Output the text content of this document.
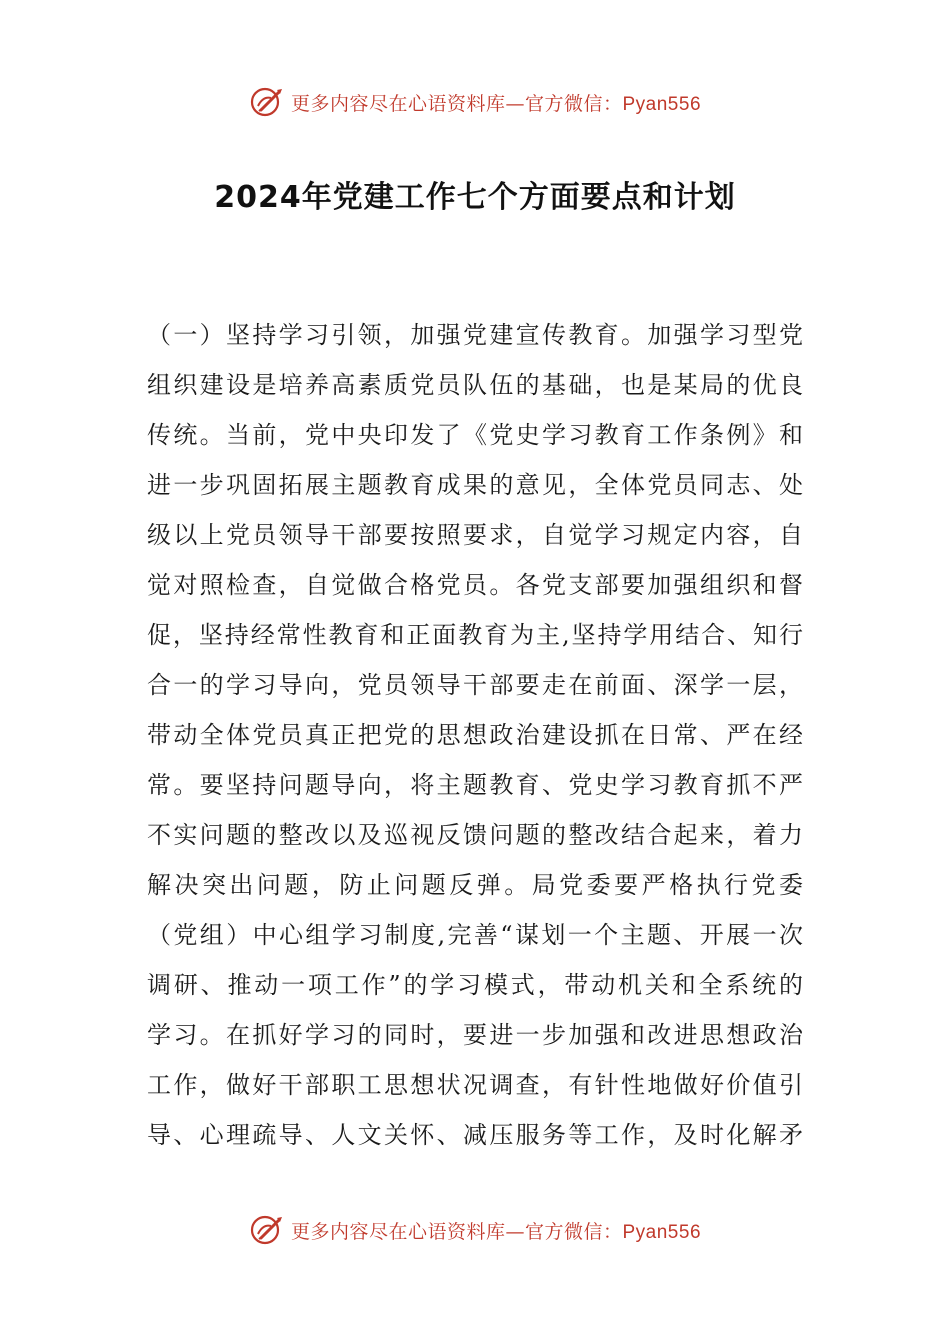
更多内容尽在心语资料库—官方微信：Pyan556
2024年党建工作七个方面要点和计划
（一）坚持学习引领，加强党建宣传教育。加强学习型党
组织建设是培养高素质党员队伍的基础，也是某局的优良
传统。当前，党中央印发了《党史学习教育工作条例》和
进一步巩固拓展主题教育成果的意见，全体党员同志、处
级以上党员领导干部要按照要求，自觉学习规定内容，自
觉对照检查，自觉做合格党员。各党支部要加强组织和督
促，坚持经常性教育和正面教育为主,坚持学用结合、知行
合一的学习导向，党员领导干部要走在前面、深学一层，
带动全体党员真正把党的思想政治建设抓在日常、严在经
常。要坚持问题导向，将主题教育、党史学习教育抓不严
不实问题的整改以及巡视反馈问题的整改结合起来，着力
解决突出问题，防止问题反弹。局党委要严格执行党委
（党组）中心组学习制度,完善“谋划一个主题、开展一次
调研、推动一项工作”的学习模式，带动机关和全系统的
学习。在抓好学习的同时，要进一步加强和改进思想政治
工作，做好干部职工思想状况调查，有针性地做好价值引
导、心理疏导、人文关怀、减压服务等工作，及时化解矛
更多内容尽在心语资料库—官方微信：Pyan556
